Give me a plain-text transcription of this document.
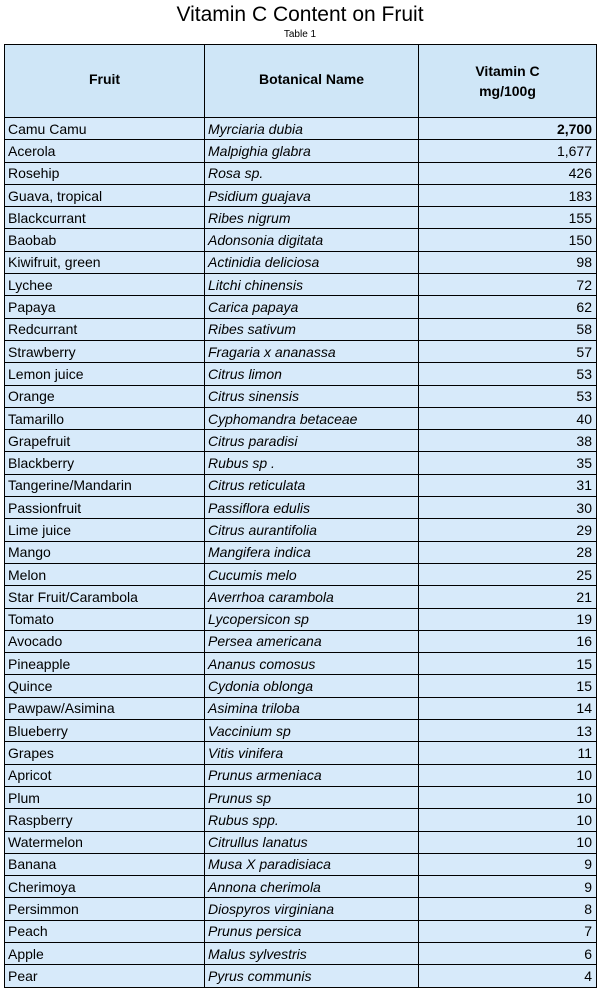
Vitamin C Content on Fruit
Table 1
Fruit	Botanical Name	Vitamin C
mg/100g

Camu Camu	Myrciaria dubia	2,700
Acerola	Malpighia glabra	1,677
Rosehip	Rosa sp.	426
Guava, tropical	Psidium guajava	183
Blackcurrant	Ribes nigrum	155
Baobab	Adonsonia digitata	150
Kiwifruit, green	Actinidia deliciosa	98
Lychee	Litchi chinensis	72
Papaya	Carica papaya	62
Redcurrant	Ribes sativum	58
Strawberry	Fragaria x ananassa	57
Lemon juice	Citrus limon	53
Orange	Citrus sinensis	53
Tamarillo	Cyphomandra betaceae	40
Grapefruit	Citrus paradisi	38
Blackberry	Rubus sp .	35
Tangerine/Mandarin	Citrus reticulata	31
Passionfruit	Passiflora edulis	30
Lime juice	Citrus aurantifolia	29
Mango	Mangifera indica	28
Melon	Cucumis melo	25
Star Fruit/Carambola	Averrhoa carambola	21
Tomato	Lycopersicon sp	19
Avocado	Persea americana	16
Pineapple	Ananus comosus	15
Quince	Cydonia oblonga	15
Pawpaw/Asimina	Asimina triloba	14
Blueberry	Vaccinium sp	13
Grapes	Vitis vinifera	11
Apricot	Prunus armeniaca	10
Plum	Prunus sp	10
Raspberry	Rubus spp.	10
Watermelon	Citrullus lanatus	10
Banana	Musa X paradisiaca	9
Cherimoya	Annona cherimola	9
Persimmon	Diospyros virginiana	8
Peach	Prunus persica	7
Apple	Malus sylvestris	6
Pear	Pyrus communis	4
